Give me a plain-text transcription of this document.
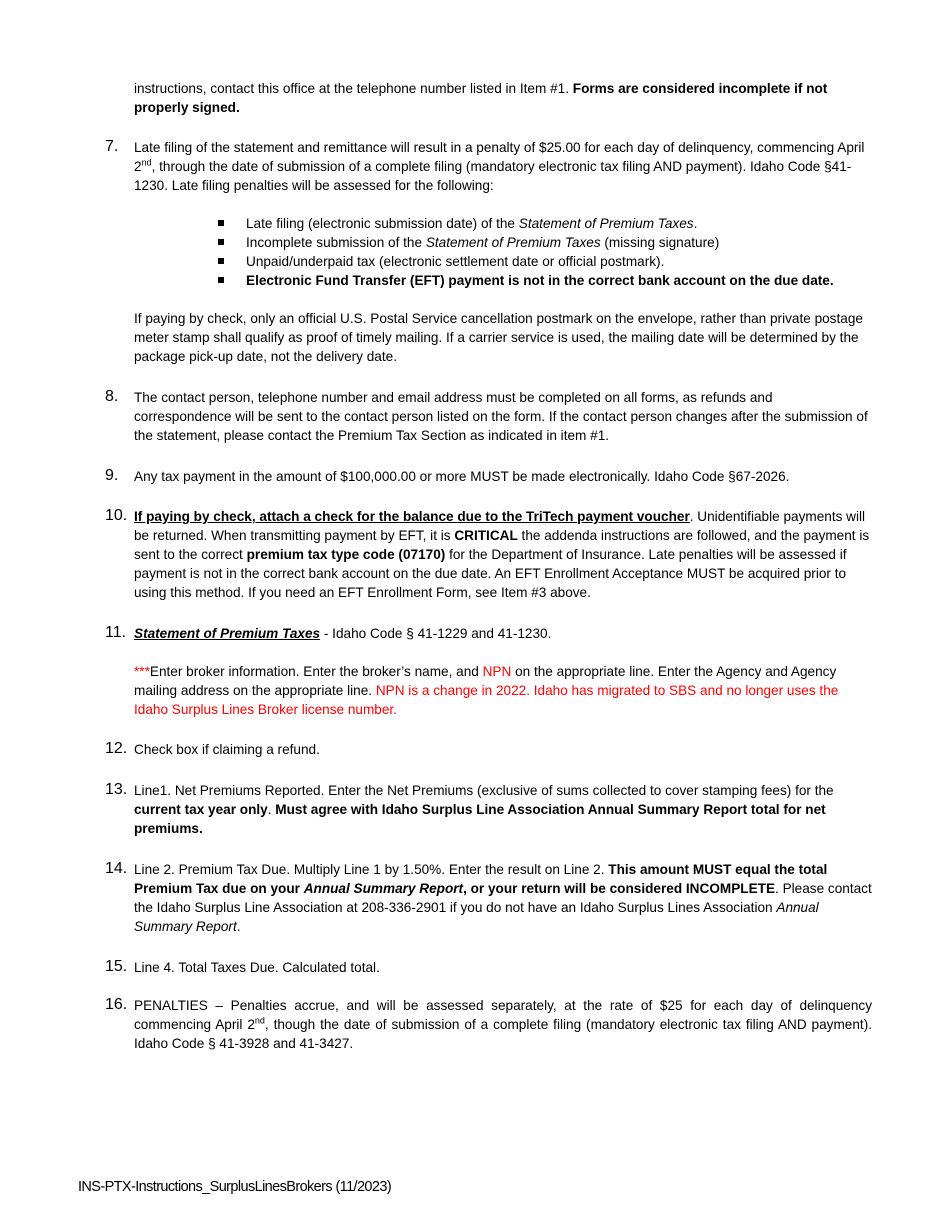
instructions, contact this office at the telephone number listed in Item #1. Forms are considered incomplete if not properly signed.

7. Late filing of the statement and remittance will result in a penalty of $25.00 for each day of delinquency, commencing April 2nd, through the date of submission of a complete filing (mandatory electronic tax filing AND payment). Idaho Code §41-1230. Late filing penalties will be assessed for the following:

Late filing (electronic submission date) of the Statement of Premium Taxes.
Incomplete submission of the Statement of Premium Taxes (missing signature)
Unpaid/underpaid tax (electronic settlement date or official postmark).
Electronic Fund Transfer (EFT) payment is not in the correct bank account on the due date.

If paying by check, only an official U.S. Postal Service cancellation postmark on the envelope, rather than private postage meter stamp shall qualify as proof of timely mailing. If a carrier service is used, the mailing date will be determined by the package pick-up date, not the delivery date.

8. The contact person, telephone number and email address must be completed on all forms, as refunds and correspondence will be sent to the contact person listed on the form. If the contact person changes after the submission of the statement, please contact the Premium Tax Section as indicated in item #1.

9. Any tax payment in the amount of $100,000.00 or more MUST be made electronically. Idaho Code §67-2026.

10. If paying by check, attach a check for the balance due to the TriTech payment voucher. Unidentifiable payments will be returned. When transmitting payment by EFT, it is CRITICAL the addenda instructions are followed, and the payment is sent to the correct premium tax type code (07170) for the Department of Insurance. Late penalties will be assessed if payment is not in the correct bank account on the due date. An EFT Enrollment Acceptance MUST be acquired prior to using this method. If you need an EFT Enrollment Form, see Item #3 above.

11. Statement of Premium Taxes - Idaho Code § 41-1229 and 41-1230.

***Enter broker information. Enter the broker’s name, and NPN on the appropriate line. Enter the Agency and Agency mailing address on the appropriate line. NPN is a change in 2022. Idaho has migrated to SBS and no longer uses the Idaho Surplus Lines Broker license number.

12. Check box if claiming a refund.

13. Line1. Net Premiums Reported. Enter the Net Premiums (exclusive of sums collected to cover stamping fees) for the current tax year only. Must agree with Idaho Surplus Line Association Annual Summary Report total for net premiums.

14. Line 2. Premium Tax Due. Multiply Line 1 by 1.50%. Enter the result on Line 2. This amount MUST equal the total Premium Tax due on your Annual Summary Report, or your return will be considered INCOMPLETE. Please contact the Idaho Surplus Line Association at 208-336-2901 if you do not have an Idaho Surplus Lines Association Annual Summary Report.

15. Line 4. Total Taxes Due. Calculated total.

16. PENALTIES – Penalties accrue, and will be assessed separately, at the rate of $25 for each day of delinquency commencing April 2nd, though the date of submission of a complete filing (mandatory electronic tax filing AND payment). Idaho Code § 41-3928 and 41-3427.

INS-PTX-Instructions_SurplusLinesBrokers (11/2023)
